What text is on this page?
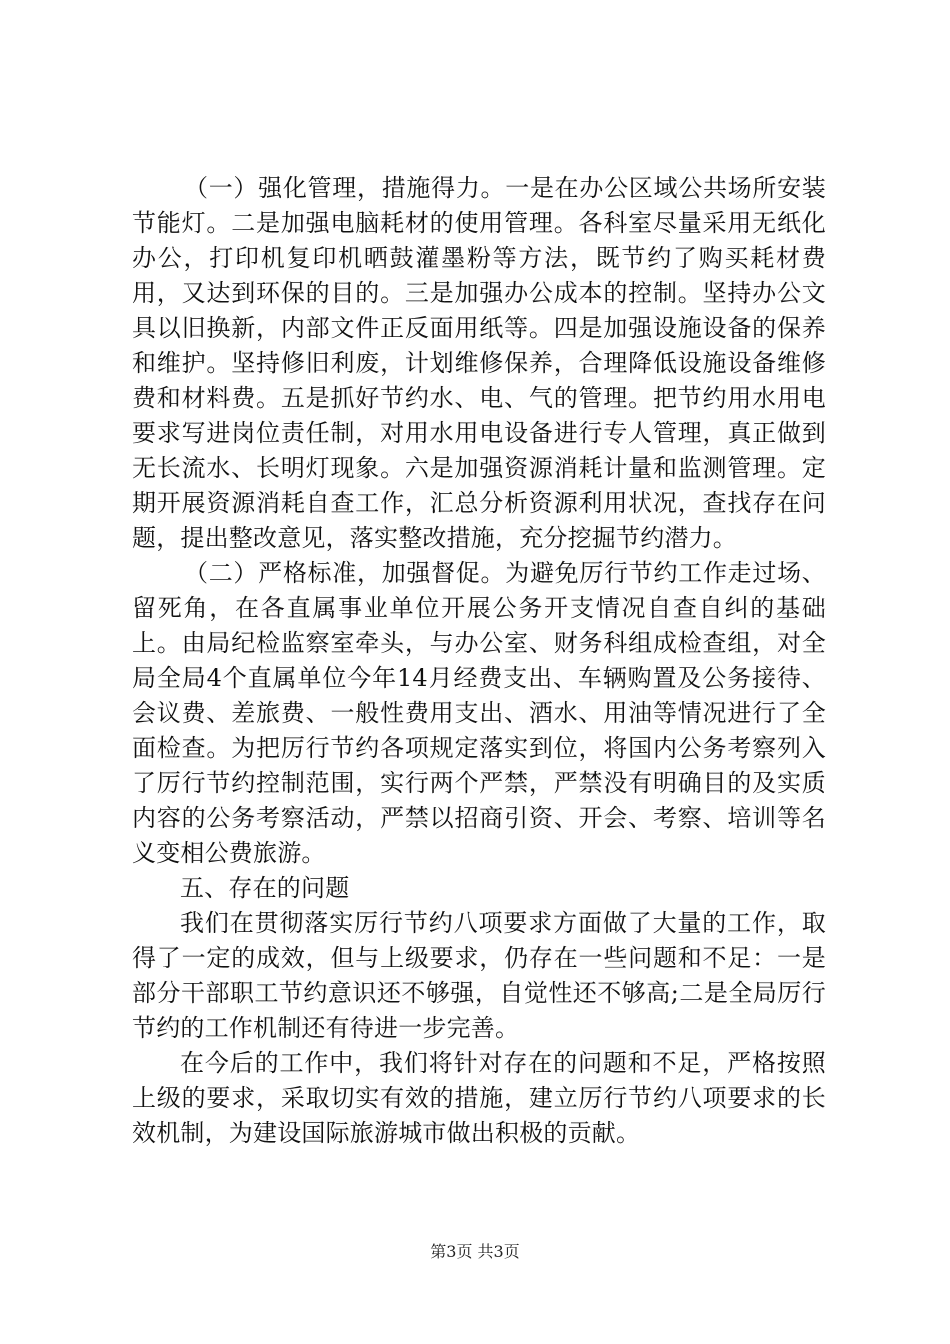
（一）强化管理，措施得力。一是在办公区域公共场所安装节能灯。二是加强电脑耗材的使用管理。各科室尽量采用无纸化办公，打印机复印机晒鼓灌墨粉等方法，既节约了购买耗材费用，又达到环保的目的。三是加强办公成本的控制。坚持办公文具以旧换新，内部文件正反面用纸等。四是加强设施设备的保养和维护。坚持修旧利废，计划维修保养，合理降低设施设备维修费和材料费。五是抓好节约水、电、气的管理。把节约用水用电要求写进岗位责任制，对用水用电设备进行专人管理，真正做到无长流水、长明灯现象。六是加强资源消耗计量和监测管理。定期开展资源消耗自查工作，汇总分析资源利用状况，查找存在问题，提出整改意见，落实整改措施，充分挖掘节约潜力。

（二）严格标准，加强督促。为避免厉行节约工作走过场、留死角，在各直属事业单位开展公务开支情况自查自纠的基础上。由局纪检监察室牵头，与办公室、财务科组成检查组，对全局全局4个直属单位今年14月经费支出、车辆购置及公务接待、会议费、差旅费、一般性费用支出、酒水、用油等情况进行了全面检查。为把厉行节约各项规定落实到位，将国内公务考察列入了厉行节约控制范围，实行两个严禁，严禁没有明确目的及实质内容的公务考察活动，严禁以招商引资、开会、考察、培训等名义变相公费旅游。

五、存在的问题

我们在贯彻落实厉行节约八项要求方面做了大量的工作，取得了一定的成效，但与上级要求，仍存在一些问题和不足：一是部分干部职工节约意识还不够强，自觉性还不够高;二是全局厉行节约的工作机制还有待进一步完善。

在今后的工作中，我们将针对存在的问题和不足，严格按照上级的要求，采取切实有效的措施，建立厉行节约八项要求的长效机制，为建设国际旅游城市做出积极的贡献。

第3页 共3页
